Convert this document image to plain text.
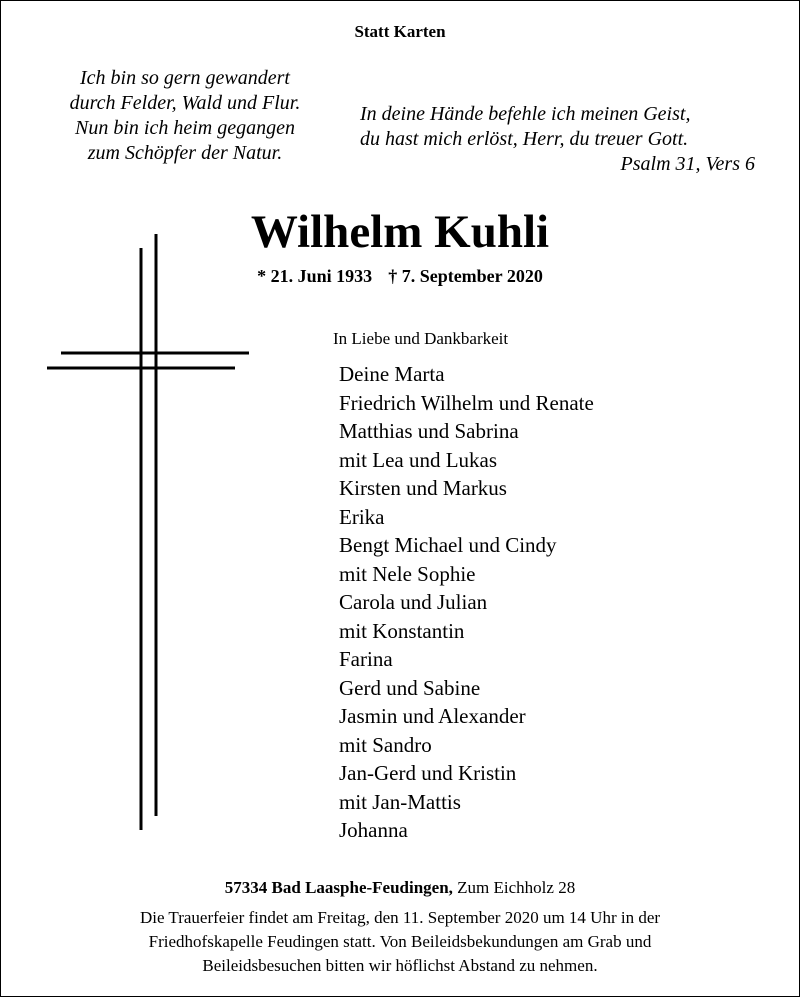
Statt Karten
Ich bin so gern gewandert
durch Felder, Wald und Flur.
Nun bin ich heim gegangen
zum Schöpfer der Natur.
In deine Hände befehle ich meinen Geist,
du hast mich erlöst, Herr, du treuer Gott.
Psalm 31, Vers 6
Wilhelm Kuhli
* 21. Juni 1933 † 7. September 2020
In Liebe und Dankbarkeit
Deine Marta
Friedrich Wilhelm und Renate
Matthias und Sabrina
mit Lea und Lukas
Kirsten und Markus
Erika
Bengt Michael und Cindy
mit Nele Sophie
Carola und Julian
mit Konstantin
Farina
Gerd und Sabine
Jasmin und Alexander
mit Sandro
Jan-Gerd und Kristin
mit Jan-Mattis
Johanna
57334 Bad Laasphe-Feudingen, Zum Eichholz 28
Die Trauerfeier findet am Freitag, den 11. September 2020 um 14 Uhr in der
Friedhofskapelle Feudingen statt. Von Beileidsbekundungen am Grab und
Beileidsbesuchen bitten wir höflichst Abstand zu nehmen.
